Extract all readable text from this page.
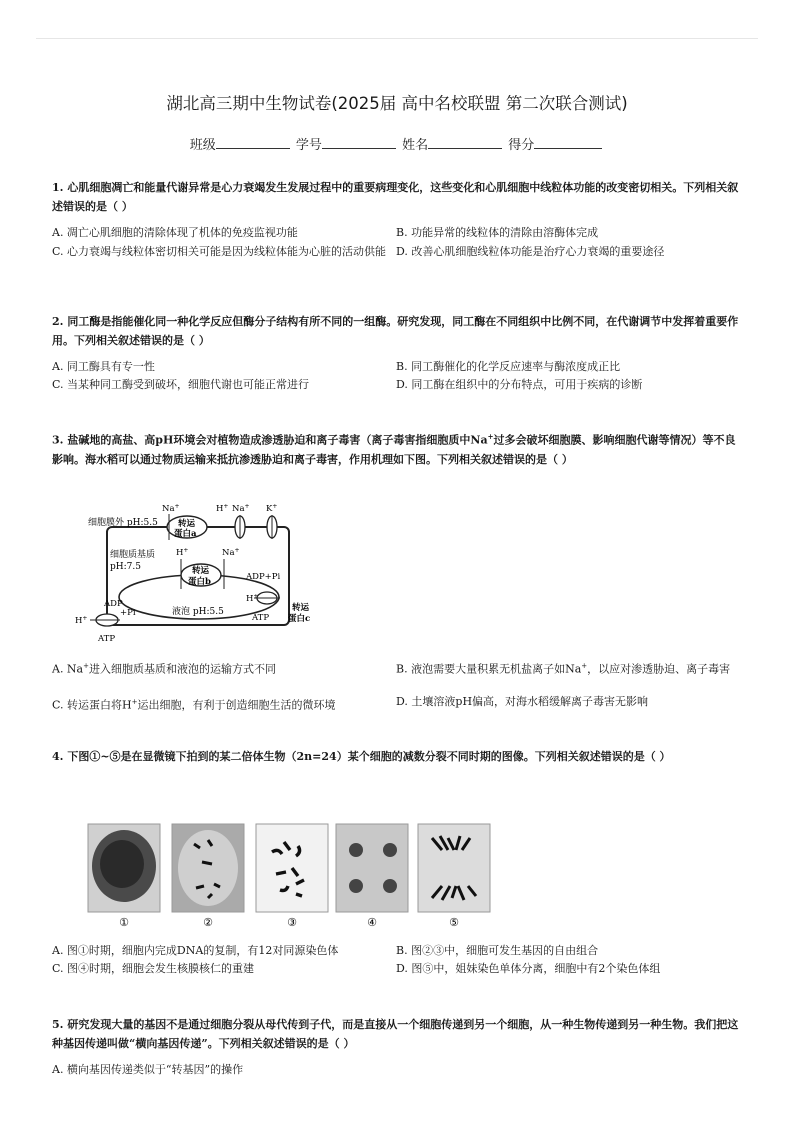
湖北高三期中生物试卷(2025届 高中名校联盟 第二次联合测试)
班级	学号	姓名	得分

1. 心肌细胞凋亡和能量代谢异常是心力衰竭发生发展过程中的重要病理变化，这些变化和心肌细胞中线粒体功能的改变密切相关。下列相关叙述错误的是（ ）

A. 凋亡心肌细胞的清除体现了机体的免疫监视功能	B. 功能异常的线粒体的清除由溶酶体完成
C. 心力衰竭与线粒体密切相关可能是因为线粒体能为心脏的活动供能 D. 改善心肌细胞线粒体功能是治疗心力衰竭的重要途径

2. 同工酶是指能催化同一种化学反应但酶分子结构有所不同的一组酶。研究发现，同工酶在不同组织中比例不同，在代谢调节中发挥着重要作用。下列相关叙述错误的是（ ）

A. 同工酶具有专一性	B. 同工酶催化的化学反应速率与酶浓度成正比
C. 当某种同工酶受到破坏，细胞代谢也可能正常进行	D. 同工酶在组织中的分布特点，可用于疾病的诊断

3. 盐碱地的高盐、高pH环境会对植物造成渗透胁迫和离子毒害（离子毒害指细胞质中Na+过多会破坏细胞膜、影响细胞代谢等情况）等不良影响。海水稻可以通过物质运输来抵抗渗透胁迫和离子毒害，作用机理如下图。下列相关叙述错误的是（ ）

细胞膜外 pH:5.5
细胞质基质
pH:7.5
液泡 pH:5.5
转运
蛋白a
Na+	H+ Na+ K+
转运
蛋白b
H+	Na+
ADP+Pi
H+
ATP
转运
蛋白c
ADP
+Pi
H+
ATP
A. Na+进入细胞质基质和液泡的运输方式不同	B. 液泡需要大量积累无机盐离子如Na+，以应对渗透胁迫、离子毒害
C. 转运蛋白将H+运出细胞，有利于创造细胞生活的微环境	D. 土壤溶液pH偏高，对海水稻缓解离子毒害无影响

4. 下图①~⑤是在显微镜下拍到的某二倍体生物（2n=24）某个细胞的减数分裂不同时期的图像。下列相关叙述错误的是（ ）

①	②	③	④	⑤
A. 图①时期，细胞内完成DNA的复制，有12对同源染色体	B. 图②③中，细胞可发生基因的自由组合
C. 图④时期，细胞会发生核膜核仁的重建	D. 图⑤中，姐妹染色单体分离，细胞中有2个染色体组

5. 研究发现大量的基因不是通过细胞分裂从母代传到子代，而是直接从一个细胞传递到另一个细胞，从一种生物传递到另一种生物。我们把这种基因传递叫做“横向基因传递”。下列相关叙述错误的是（ ）

A. 横向基因传递类似于“转基因”的操作
